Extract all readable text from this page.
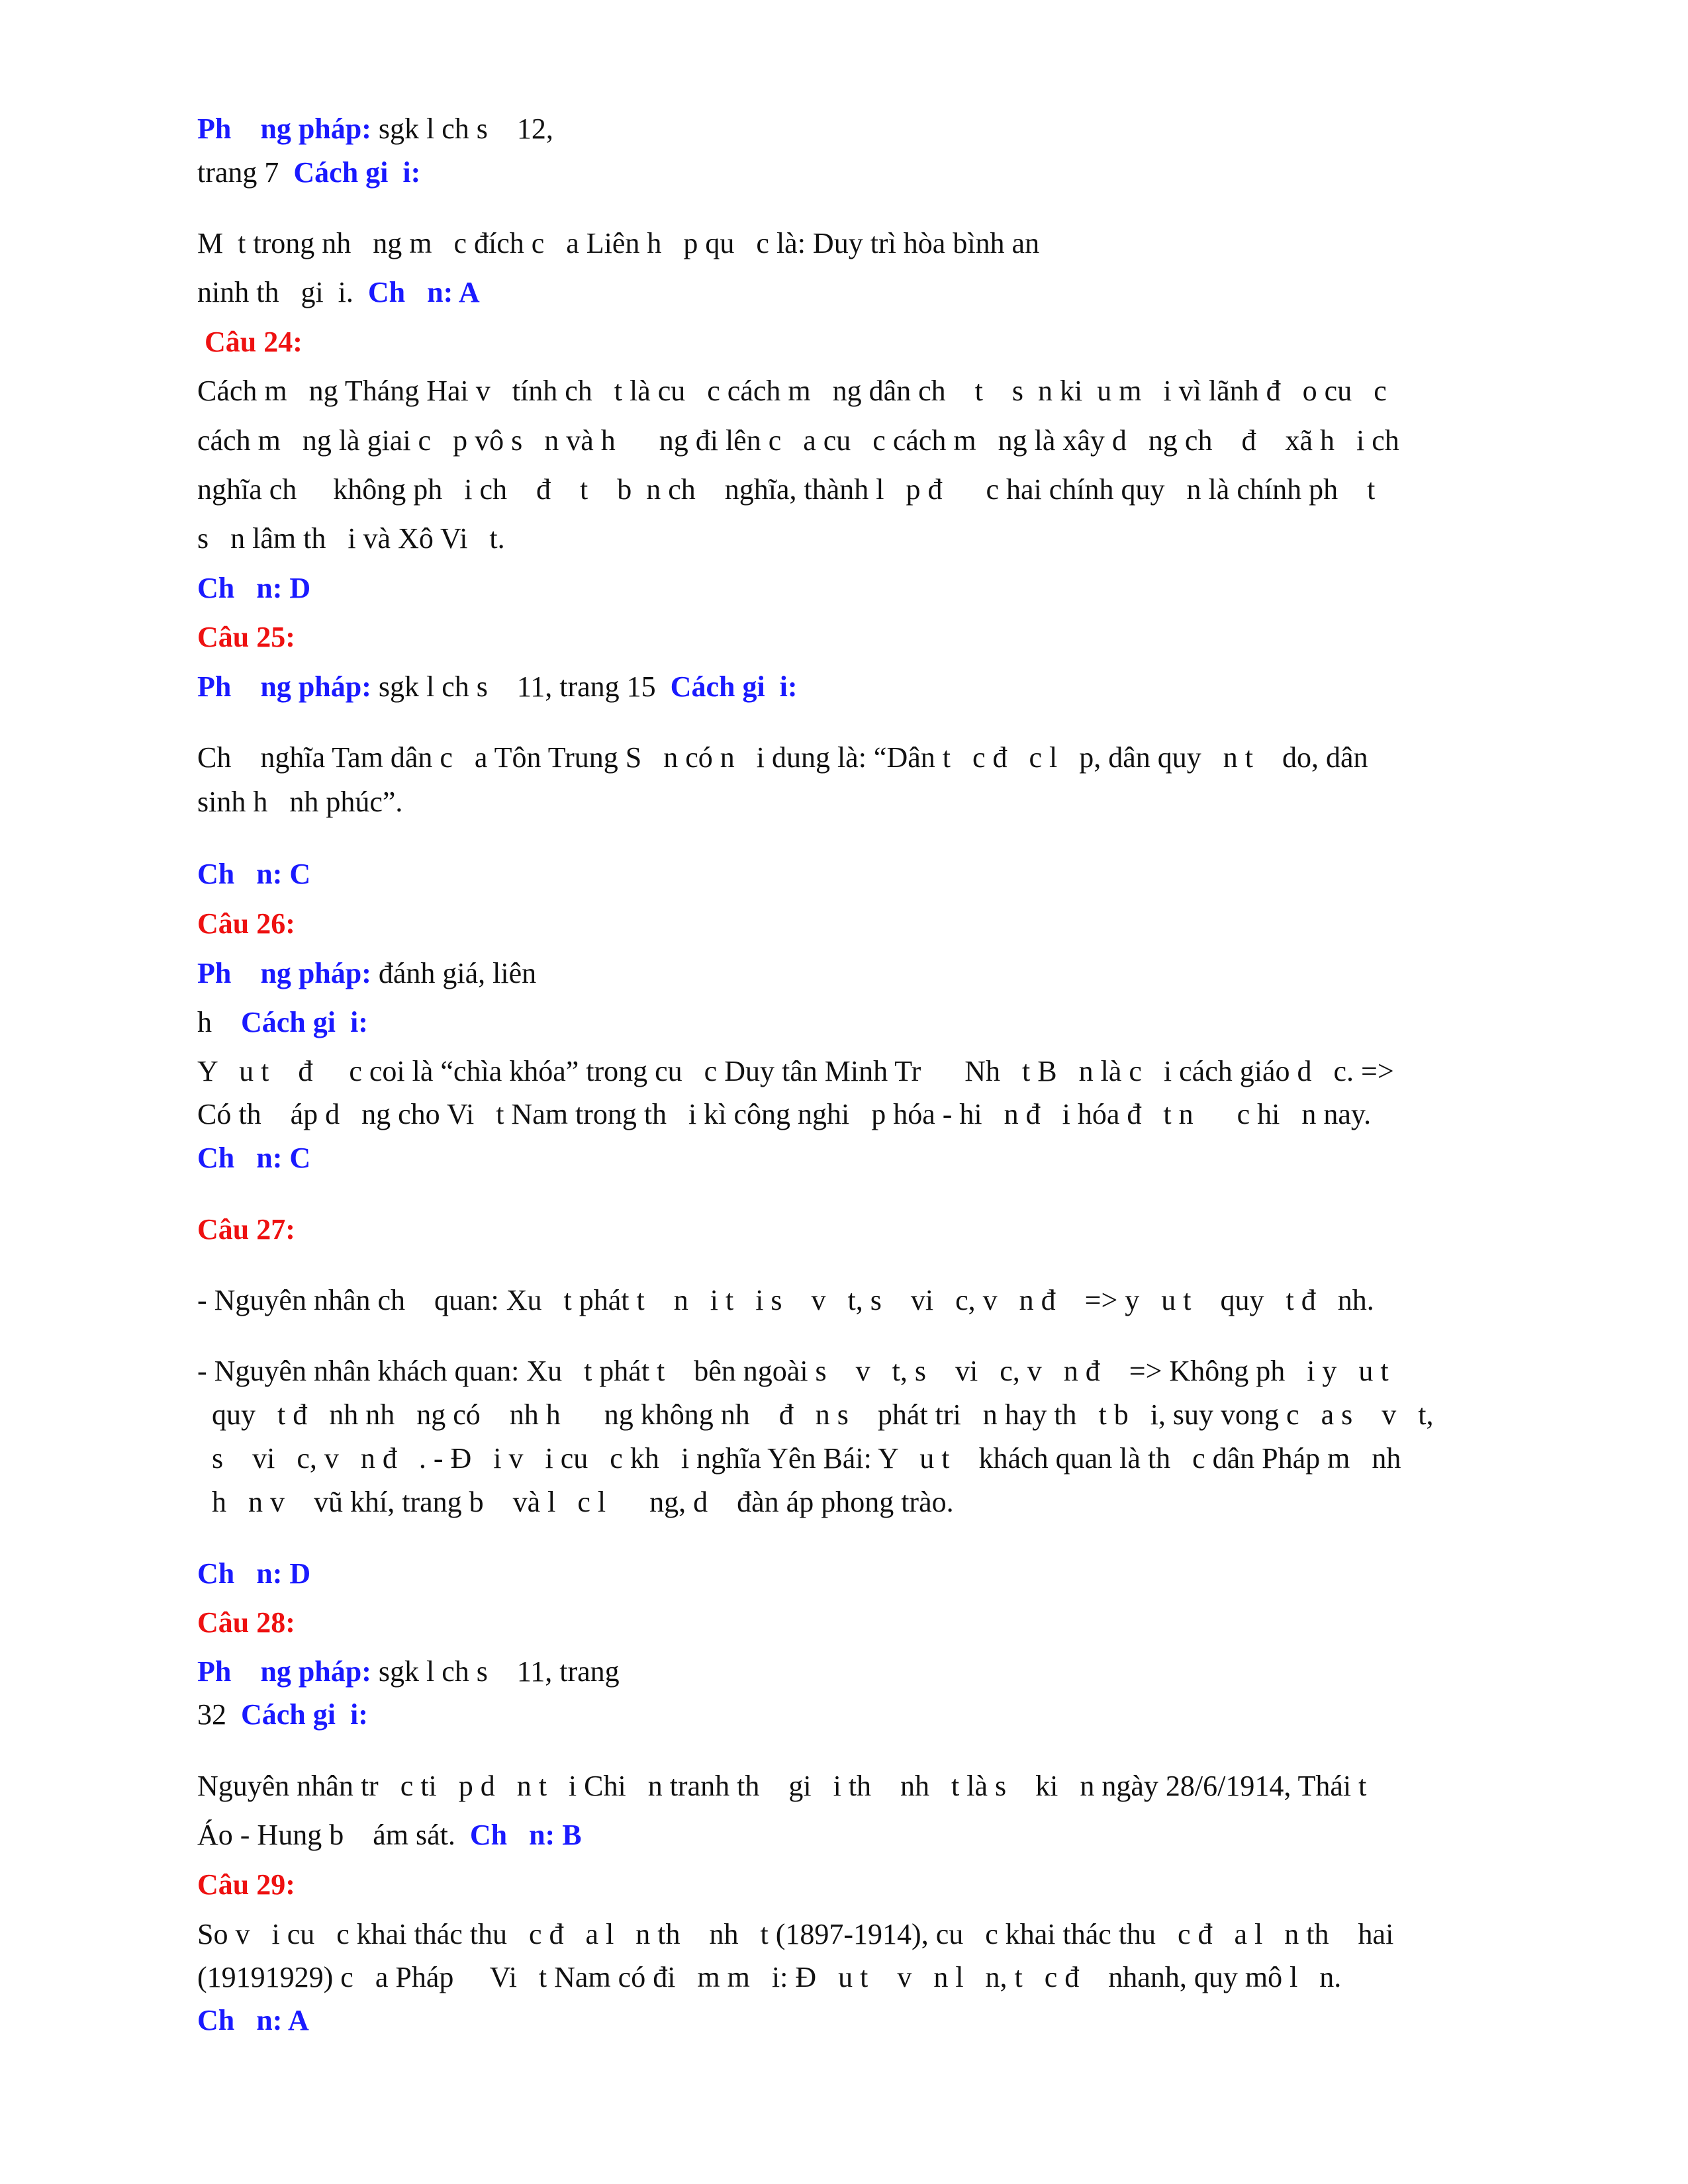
Ph    ng pháp: sgk l ch s    12,
trang 7  Cách gi  i:
M  t trong nh   ng m   c đích c   a Liên h   p qu   c là: Duy trì hòa bình an
ninh th   gi  i.  Ch   n: A
Câu 24:
Cách m   ng Tháng Hai v   tính ch   t là cu   c cách m   ng dân ch    t    s  n ki  u m   i vì lãnh đ   o cu   c
cách m   ng là giai c   p vô s   n và h      ng đi lên c   a cu   c cách m   ng là xây d   ng ch    đ    xã h   i ch
nghĩa ch     không ph   i ch    đ    t    b  n ch    nghĩa, thành l   p đ      c hai chính quy   n là chính ph    t
s   n lâm th   i và Xô Vi   t.
Ch   n: D
Câu 25:
Ph    ng pháp: sgk l ch s    11, trang 15  Cách gi  i:
Ch    nghĩa Tam dân c   a Tôn Trung S   n có n   i dung là: “Dân t   c đ   c l   p, dân quy   n t    do, dân
sinh h   nh phúc”.
Ch   n: C
Câu 26:
Ph    ng pháp: đánh giá, liên
h    Cách gi  i:
Y   u t    đ     c coi là “chìa khóa” trong cu   c Duy tân Minh Tr      Nh   t B   n là c   i cách giáo d   c. =>
Có th    áp d   ng cho Vi   t Nam trong th   i kì công nghi   p hóa - hi   n đ   i hóa đ   t n      c hi   n nay.
Ch   n: C
Câu 27:
- Nguyên nhân ch    quan: Xu   t phát t    n   i t   i s    v   t, s    vi   c, v   n đ    => y   u t    quy   t đ   nh.
- Nguyên nhân khách quan: Xu   t phát t    bên ngoài s    v   t, s    vi   c, v   n đ    => Không ph   i y   u t
quy   t đ   nh nh   ng có    nh h      ng không nh    đ   n s    phát tri   n hay th   t b   i, suy vong c   a s    v   t,
s    vi   c, v   n đ   . - Đ   i v   i cu   c kh   i nghĩa Yên Bái: Y   u t    khách quan là th   c dân Pháp m   nh
h   n v    vũ khí, trang b    và l   c l      ng, d    đàn áp phong trào.
Ch   n: D
Câu 28:
Ph    ng pháp: sgk l ch s    11, trang
32  Cách gi  i:
Nguyên nhân tr   c ti   p d   n t   i Chi   n tranh th    gi   i th    nh   t là s    ki   n ngày 28/6/1914, Thái t
Áo - Hung b    ám sát.  Ch   n: B
Câu 29:
So v   i cu   c khai thác thu   c đ   a l   n th    nh   t (1897-1914), cu   c khai thác thu   c đ   a l   n th    hai
(19191929) c   a Pháp     Vi   t Nam có đi   m m   i: Đ   u t    v   n l   n, t   c đ    nhanh, quy mô l   n.
Ch   n: A
